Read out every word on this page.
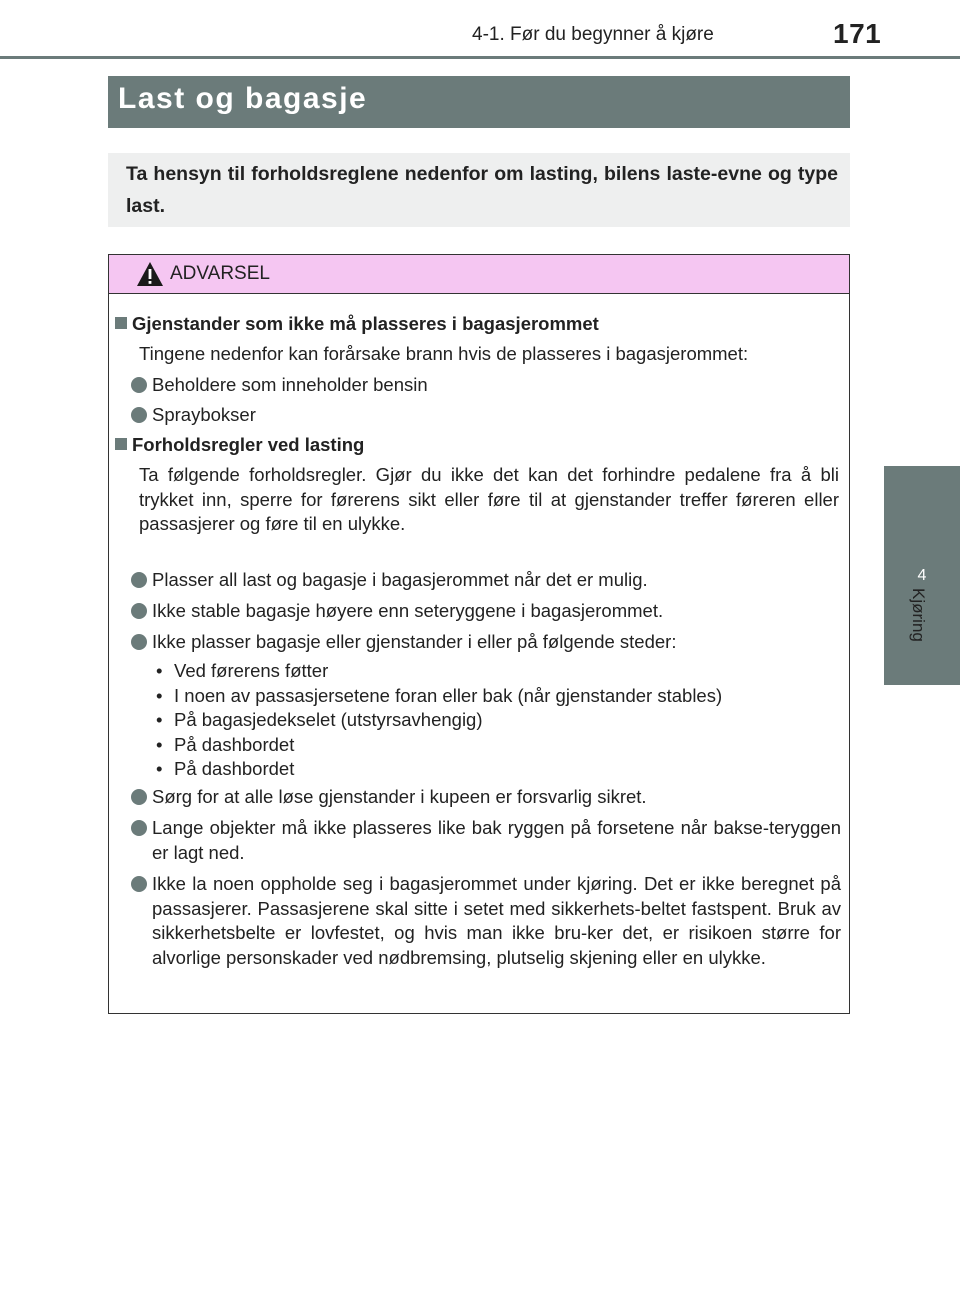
4-1. Før du begynner å kjøre	171
4
Kjøring
Last og bagasje

Ta hensyn til forholdsreglene nedenfor om lasting, bilens laste-evne og type last.

ADVARSEL
Gjenstander som ikke må plasseres i bagasjerommet
Tingene nedenfor kan forårsake brann hvis de plasseres i bagasjerommet:
Beholdere som inneholder bensin
Spraybokser
Forholdsregler ved lasting
Ta følgende forholdsregler. Gjør du ikke det kan det forhindre pedalene fra å bli trykket inn, sperre for førerens sikt eller føre til at gjenstander treffer føreren eller passasjerer og føre til en ulykke.
Plasser all last og bagasje i bagasjerommet når det er mulig.
Ikke stable bagasje høyere enn seteryggene i bagasjerommet.
Ikke plasser bagasje eller gjenstander i eller på følgende steder:
• Ved førerens føtter
• I noen av passasjersetene foran eller bak (når gjenstander stables)
• På bagasjedekselet (utstyrsavhengig)
• På dashbordet
• På dashbordet
Sørg for at alle løse gjenstander i kupeen er forsvarlig sikret.
Lange objekter må ikke plasseres like bak ryggen på forsetene når bakse-teryggen er lagt ned.
Ikke la noen oppholde seg i bagasjerommet under kjøring. Det er ikke beregnet på passasjerer. Passasjerene skal sitte i setet med sikkerhets-beltet fastspent. Bruk av sikkerhetsbelte er lovfestet, og hvis man ikke bru-ker det, er risikoen større for alvorlige personskader ved nødbremsing, plutselig skjening eller en ulykke.
